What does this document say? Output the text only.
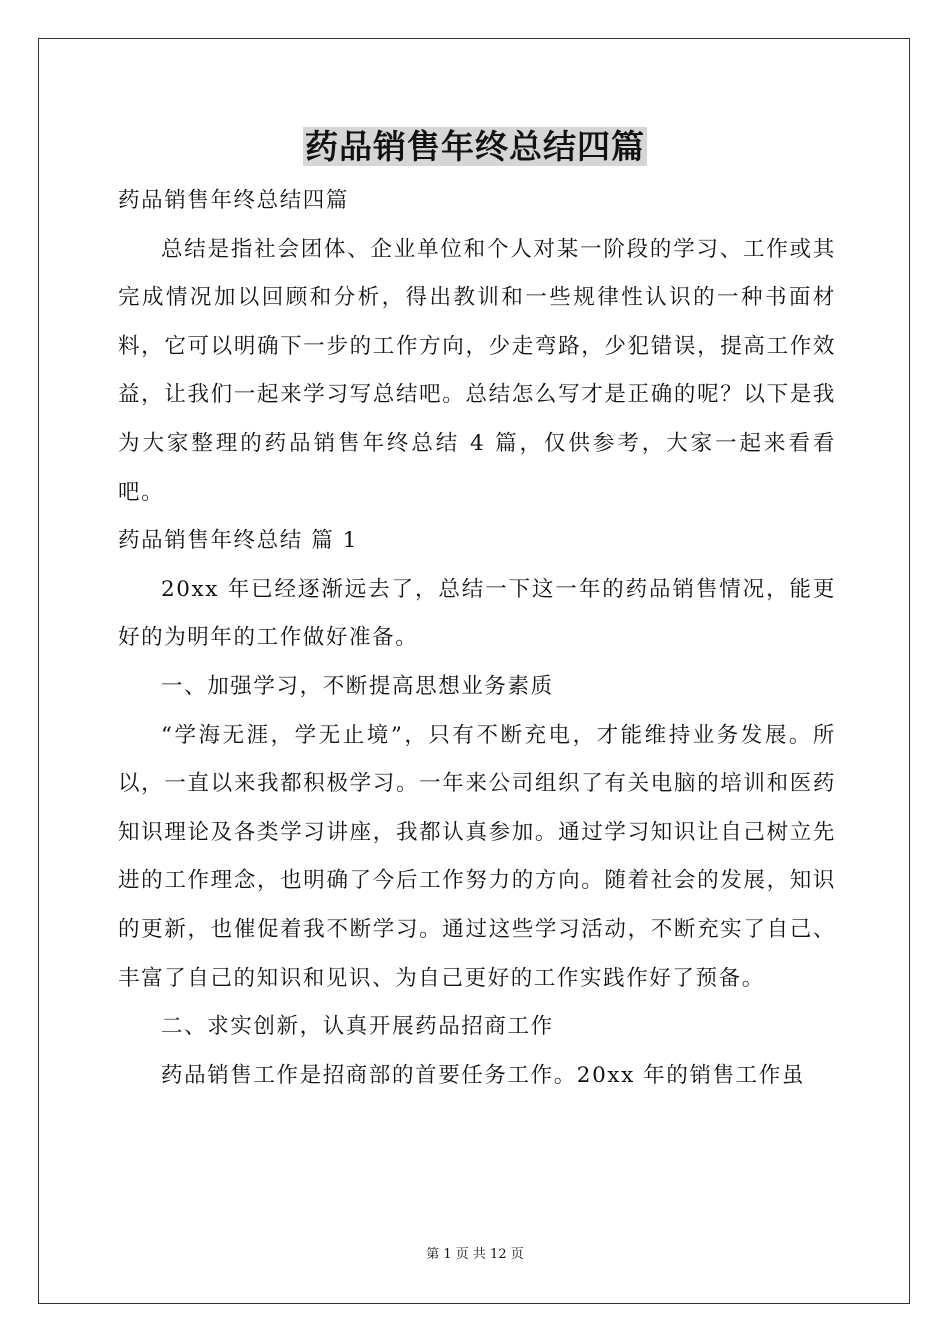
药品销售年终总结四篇

药品销售年终总结四篇

总结是指社会团体、企业单位和个人对某一阶段的学习、工作或其完成情况加以回顾和分析，得出教训和一些规律性认识的一种书面材料，它可以明确下一步的工作方向，少走弯路，少犯错误，提高工作效益，让我们一起来学习写总结吧。总结怎么写才是正确的呢？以下是我为大家整理的药品销售年终总结 4 篇，仅供参考，大家一起来看看吧。

药品销售年终总结 篇 1

20xx 年已经逐渐远去了，总结一下这一年的药品销售情况，能更好的为明年的工作做好准备。

一、加强学习，不断提高思想业务素质

“学海无涯，学无止境”，只有不断充电，才能维持业务发展。所以，一直以来我都积极学习。一年来公司组织了有关电脑的培训和医药知识理论及各类学习讲座，我都认真参加。通过学习知识让自己树立先进的工作理念，也明确了今后工作努力的方向。随着社会的发展，知识的更新，也催促着我不断学习。通过这些学习活动，不断充实了自己、丰富了自己的知识和见识、为自己更好的工作实践作好了预备。

二、求实创新，认真开展药品招商工作

药品销售工作是招商部的首要任务工作。20xx 年的销售工作虽

第 1 页 共 12 页
